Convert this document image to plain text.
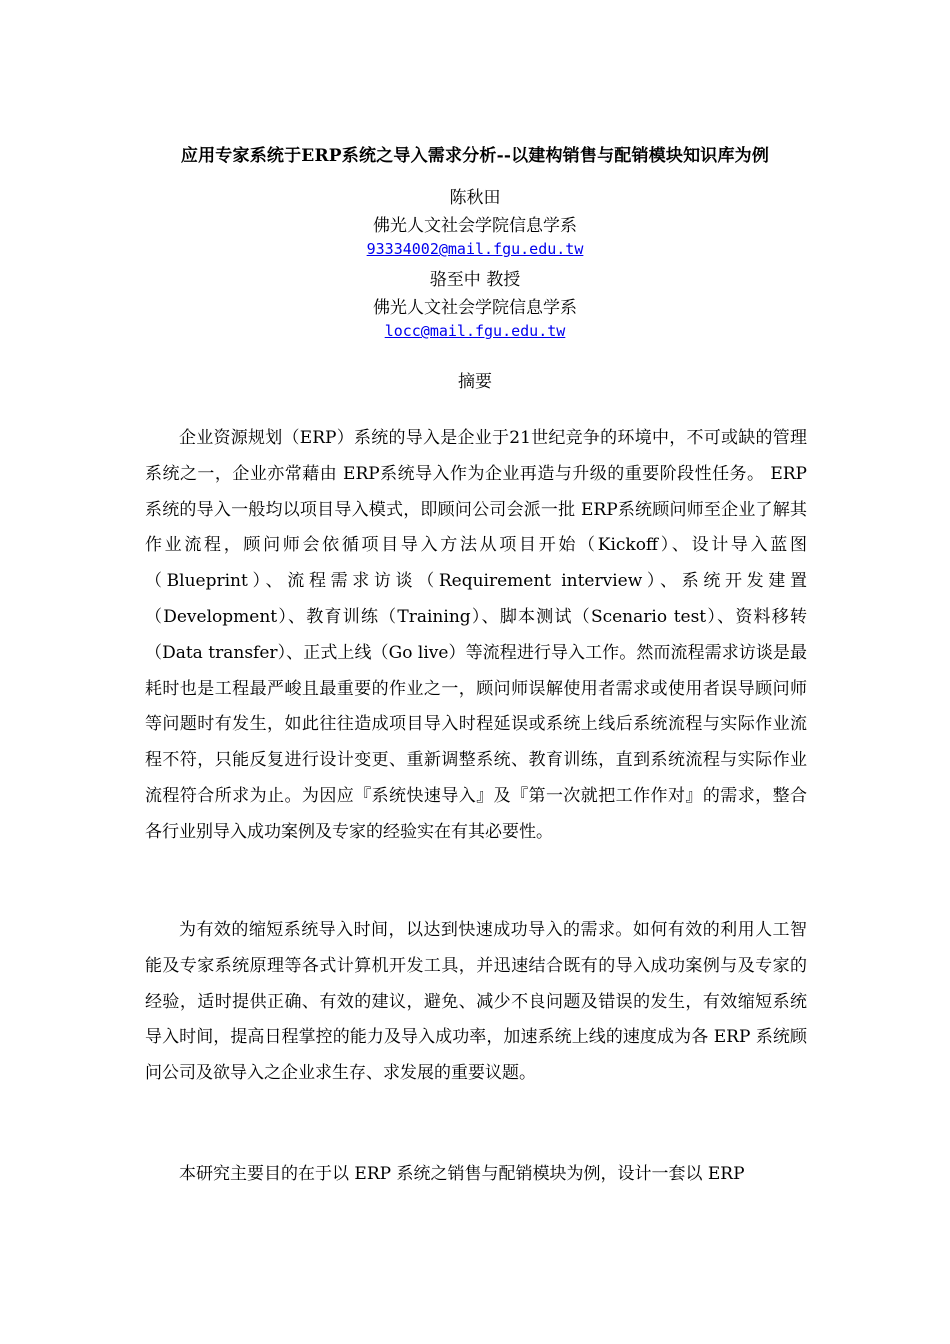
应用专家系统于ERP系统之导入需求分析--以建构销售与配销模块知识库为例
陈秋田
佛光人文社会学院信息学系
93334002@mail.fgu.edu.tw
骆至中 教授
佛光人文社会学院信息学系
locc@mail.fgu.edu.tw
摘要

企业资源规划（ERP）系统的导入是企业于21世纪竞争的环境中，不可或缺的管理系统之一，企业亦常藉由 ERP系统导入作为企业再造与升级的重要阶段性任务。 ERP 系统的导入一般均以项目导入模式，即顾问公司会派一批 ERP系统顾问师至企业了解其作业流程，顾问师会依循项目导入方法从项目开始（Kickoff）、设计导入蓝图（Blueprint）、流程需求访谈（Requirement interview）、系统开发建置（Development）、教育训练（Training）、脚本测试（Scenario test）、资料移转（Data transfer）、正式上线（Go live）等流程进行导入工作。然而流程需求访谈是最耗时也是工程最严峻且最重要的作业之一，顾问师误解使用者需求或使用者误导顾问师等问题时有发生，如此往往造成项目导入时程延误或系统上线后系统流程与实际作业流程不符，只能反复进行设计变更、重新调整系统、教育训练，直到系统流程与实际作业流程符合所求为止。为因应『系统快速导入』及『第一次就把工作作对』的需求，整合各行业别导入成功案例及专家的经验实在有其必要性。

为有效的缩短系统导入时间，以达到快速成功导入的需求。如何有效的利用人工智能及专家系统原理等各式计算机开发工具，并迅速结合既有的导入成功案例与及专家的经验，适时提供正确、有效的建议，避免、减少不良问题及错误的发生，有效缩短系统导入时间，提高日程掌控的能力及导入成功率，加速系统上线的速度成为各 ERP 系统顾问公司及欲导入之企业求生存、求发展的重要议题。

本研究主要目的在于以 ERP 系统之销售与配销模块为例，设计一套以 ERP
